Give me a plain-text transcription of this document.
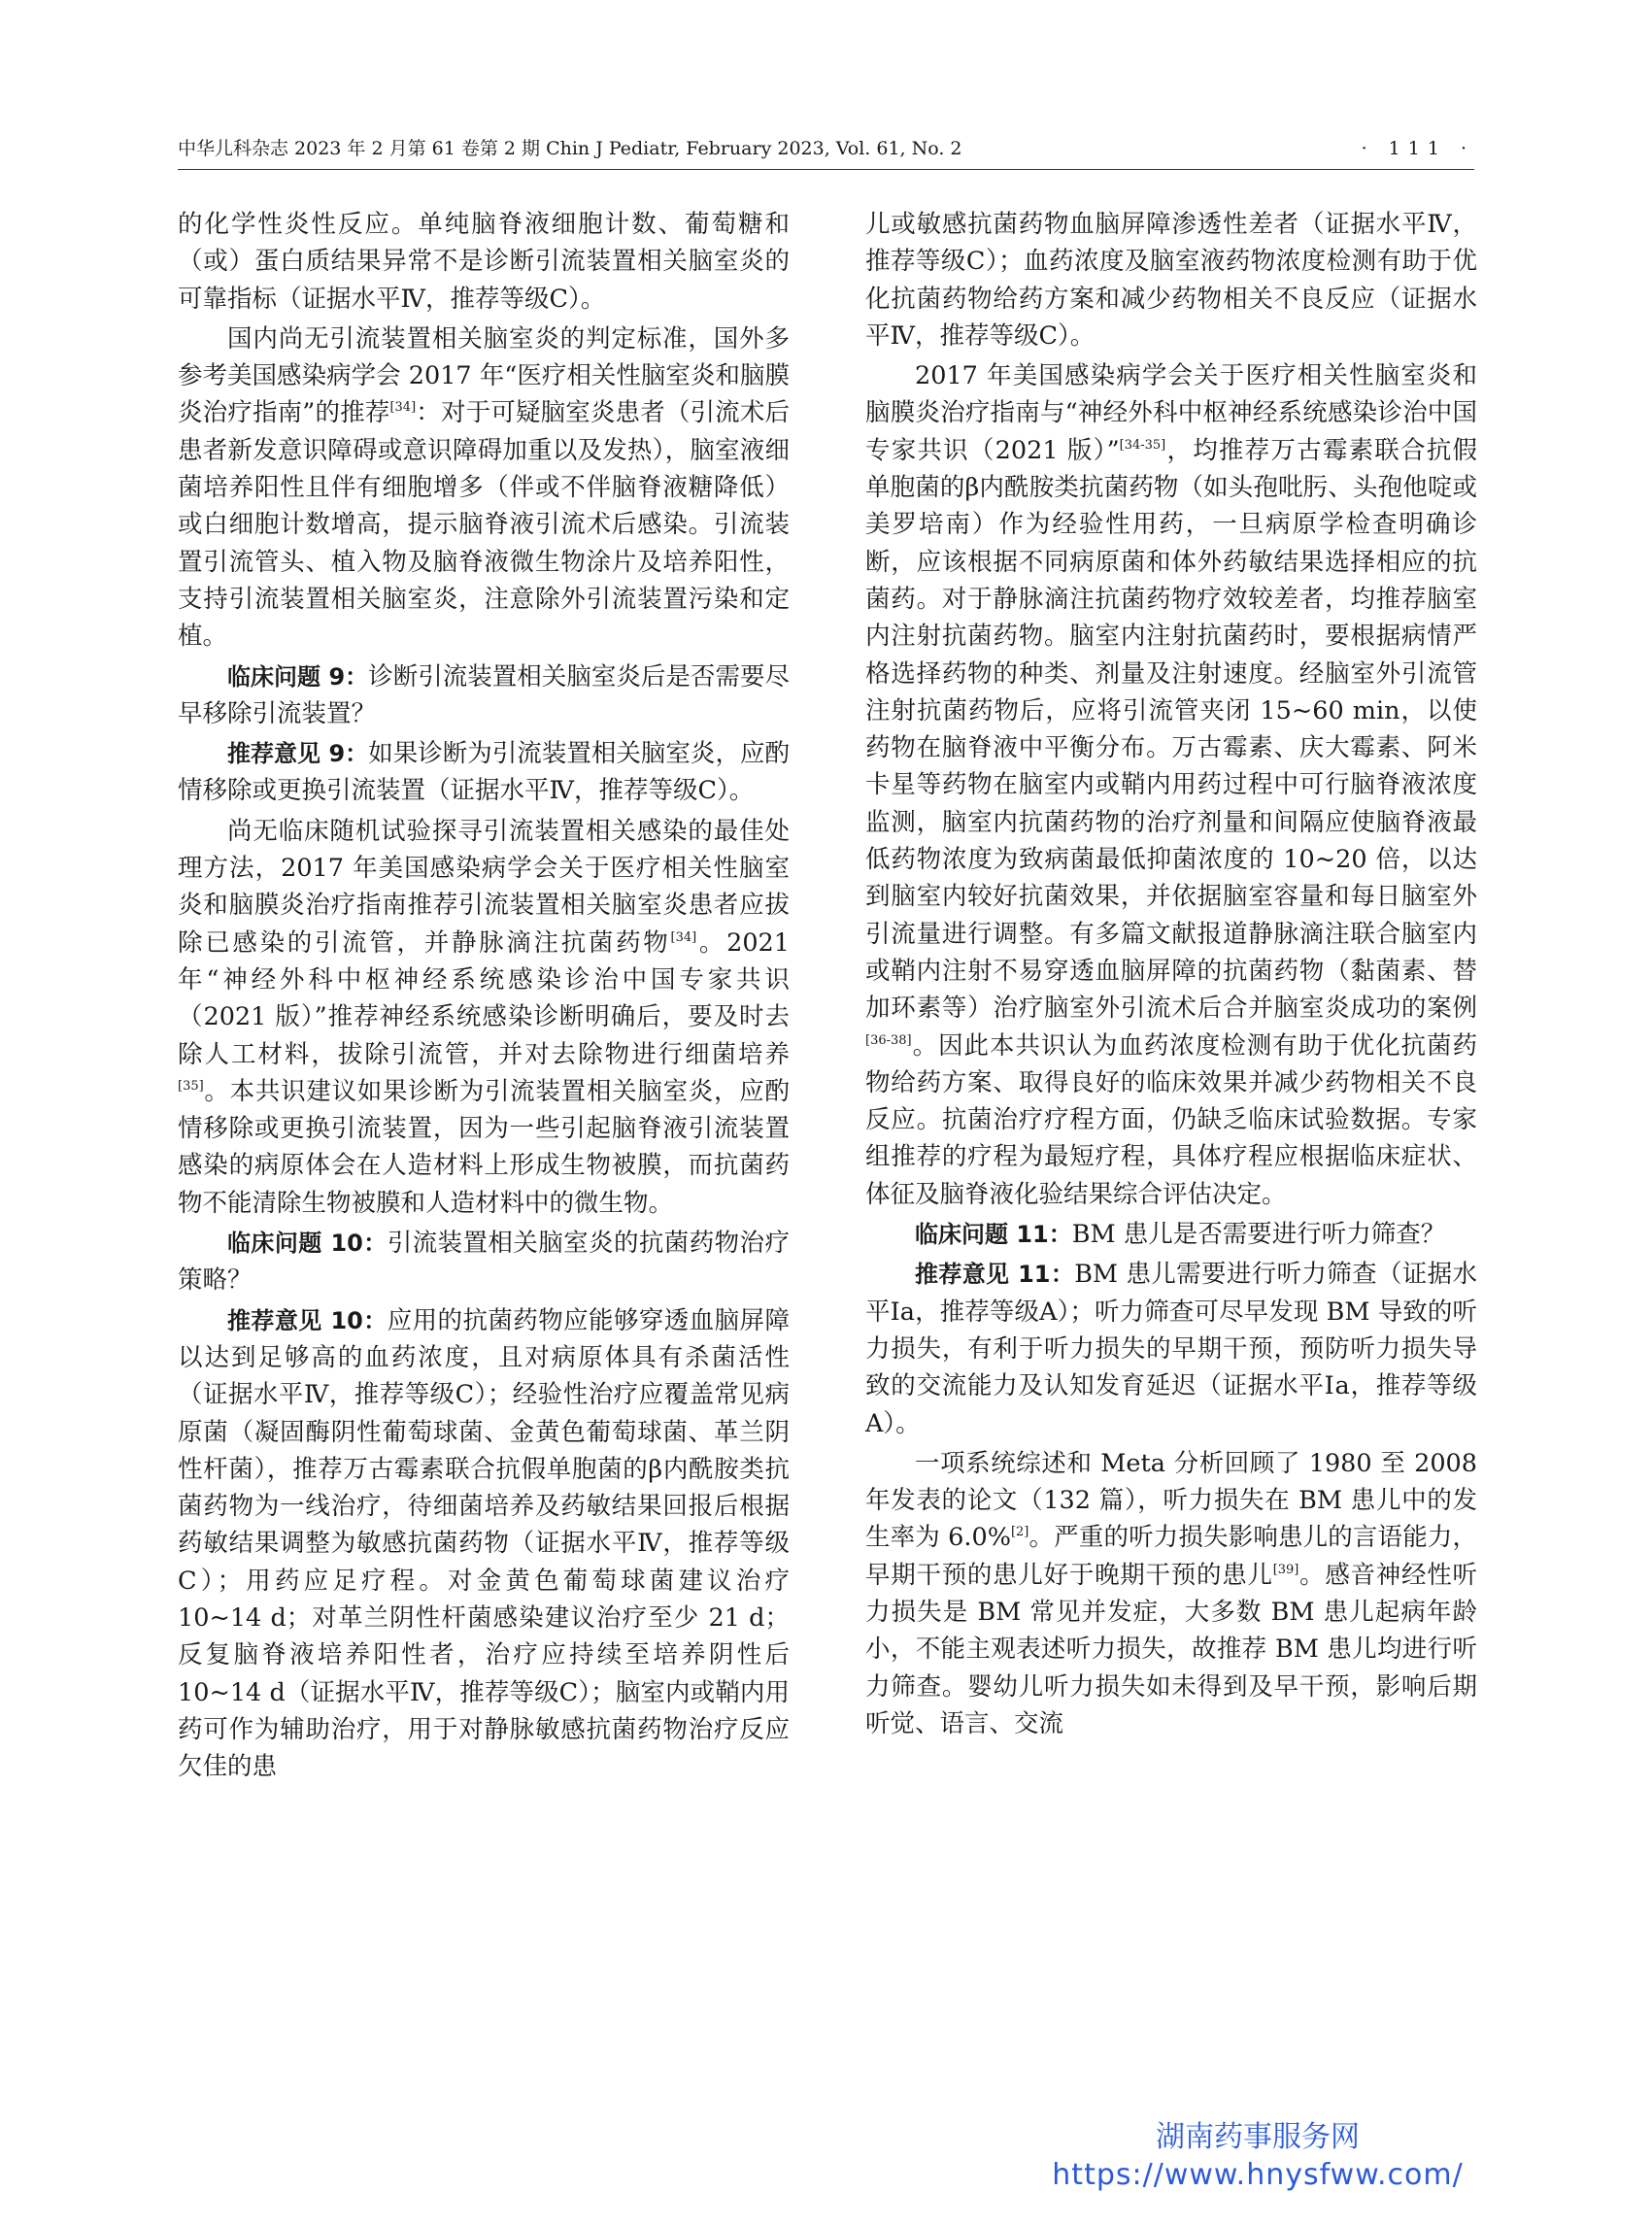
中华儿科杂志 2023 年 2 月第 61 卷第 2 期 Chin J Pediatr, February 2023, Vol. 61, No. 2	· 111 ·

的化学性炎性反应。单纯脑脊液细胞计数、葡萄糖和（或）蛋白质结果异常不是诊断引流装置相关脑室炎的可靠指标（证据水平Ⅳ，推荐等级C）。

国内尚无引流装置相关脑室炎的判定标准，国外多参考美国感染病学会 2017 年“医疗相关性脑室炎和脑膜炎治疗指南”的推荐[34]：对于可疑脑室炎患者（引流术后患者新发意识障碍或意识障碍加重以及发热），脑室液细菌培养阳性且伴有细胞增多（伴或不伴脑脊液糖降低）或白细胞计数增高，提示脑脊液引流术后感染。引流装置引流管头、植入物及脑脊液微生物涂片及培养阳性，支持引流装置相关脑室炎，注意除外引流装置污染和定植。

临床问题 9：诊断引流装置相关脑室炎后是否需要尽早移除引流装置？

推荐意见 9：如果诊断为引流装置相关脑室炎，应酌情移除或更换引流装置（证据水平Ⅳ，推荐等级C）。

尚无临床随机试验探寻引流装置相关感染的最佳处理方法，2017 年美国感染病学会关于医疗相关性脑室炎和脑膜炎治疗指南推荐引流装置相关脑室炎患者应拔除已感染的引流管，并静脉滴注抗菌药物[34]。2021 年“神经外科中枢神经系统感染诊治中国专家共识（2021 版）”推荐神经系统感染诊断明确后，要及时去除人工材料，拔除引流管，并对去除物进行细菌培养[35]。本共识建议如果诊断为引流装置相关脑室炎，应酌情移除或更换引流装置，因为一些引起脑脊液引流装置感染的病原体会在人造材料上形成生物被膜，而抗菌药物不能清除生物被膜和人造材料中的微生物。

临床问题 10：引流装置相关脑室炎的抗菌药物治疗策略？

推荐意见 10：应用的抗菌药物应能够穿透血脑屏障以达到足够高的血药浓度，且对病原体具有杀菌活性（证据水平Ⅳ，推荐等级C）；经验性治疗应覆盖常见病原菌（凝固酶阴性葡萄球菌、金黄色葡萄球菌、革兰阴性杆菌），推荐万古霉素联合抗假单胞菌的β内酰胺类抗菌药物为一线治疗，待细菌培养及药敏结果回报后根据药敏结果调整为敏感抗菌药物（证据水平Ⅳ，推荐等级C）；用药应足疗程。对金黄色葡萄球菌建议治疗 10~14 d；对革兰阴性杆菌感染建议治疗至少 21 d；反复脑脊液培养阳性者，治疗应持续至培养阴性后 10~14 d（证据水平Ⅳ，推荐等级C）；脑室内或鞘内用药可作为辅助治疗，用于对静脉敏感抗菌药物治疗反应欠佳的患

儿或敏感抗菌药物血脑屏障渗透性差者（证据水平Ⅳ，推荐等级C）；血药浓度及脑室液药物浓度检测有助于优化抗菌药物给药方案和减少药物相关不良反应（证据水平Ⅳ，推荐等级C）。

2017 年美国感染病学会关于医疗相关性脑室炎和脑膜炎治疗指南与“神经外科中枢神经系统感染诊治中国专家共识（2021 版）”[34-35]，均推荐万古霉素联合抗假单胞菌的β内酰胺类抗菌药物（如头孢吡肟、头孢他啶或美罗培南）作为经验性用药，一旦病原学检查明确诊断，应该根据不同病原菌和体外药敏结果选择相应的抗菌药。对于静脉滴注抗菌药物疗效较差者，均推荐脑室内注射抗菌药物。脑室内注射抗菌药时，要根据病情严格选择药物的种类、剂量及注射速度。经脑室外引流管注射抗菌药物后，应将引流管夹闭 15~60 min，以使药物在脑脊液中平衡分布。万古霉素、庆大霉素、阿米卡星等药物在脑室内或鞘内用药过程中可行脑脊液浓度监测，脑室内抗菌药物的治疗剂量和间隔应使脑脊液最低药物浓度为致病菌最低抑菌浓度的 10~20 倍，以达到脑室内较好抗菌效果，并依据脑室容量和每日脑室外引流量进行调整。有多篇文献报道静脉滴注联合脑室内或鞘内注射不易穿透血脑屏障的抗菌药物（黏菌素、替加环素等）治疗脑室外引流术后合并脑室炎成功的案例[36-38]。因此本共识认为血药浓度检测有助于优化抗菌药物给药方案、取得良好的临床效果并减少药物相关不良反应。抗菌治疗疗程方面，仍缺乏临床试验数据。专家组推荐的疗程为最短疗程，具体疗程应根据临床症状、体征及脑脊液化验结果综合评估决定。

临床问题 11：BM 患儿是否需要进行听力筛查？

推荐意见 11：BM 患儿需要进行听力筛查（证据水平Ⅰa，推荐等级A）；听力筛查可尽早发现 BM 导致的听力损失，有利于听力损失的早期干预，预防听力损失导致的交流能力及认知发育延迟（证据水平Ⅰa，推荐等级A）。

一项系统综述和 Meta 分析回顾了 1980 至 2008 年发表的论文（132 篇），听力损失在 BM 患儿中的发生率为 6.0%[2]。严重的听力损失影响患儿的言语能力，早期干预的患儿好于晚期干预的患儿[39]。感音神经性听力损失是 BM 常见并发症，大多数 BM 患儿起病年龄小，不能主观表述听力损失，故推荐 BM 患儿均进行听力筛查。婴幼儿听力损失如未得到及早干预，影响后期听觉、语言、交流

湖南药事服务网
https://www.hnysfww.com/
